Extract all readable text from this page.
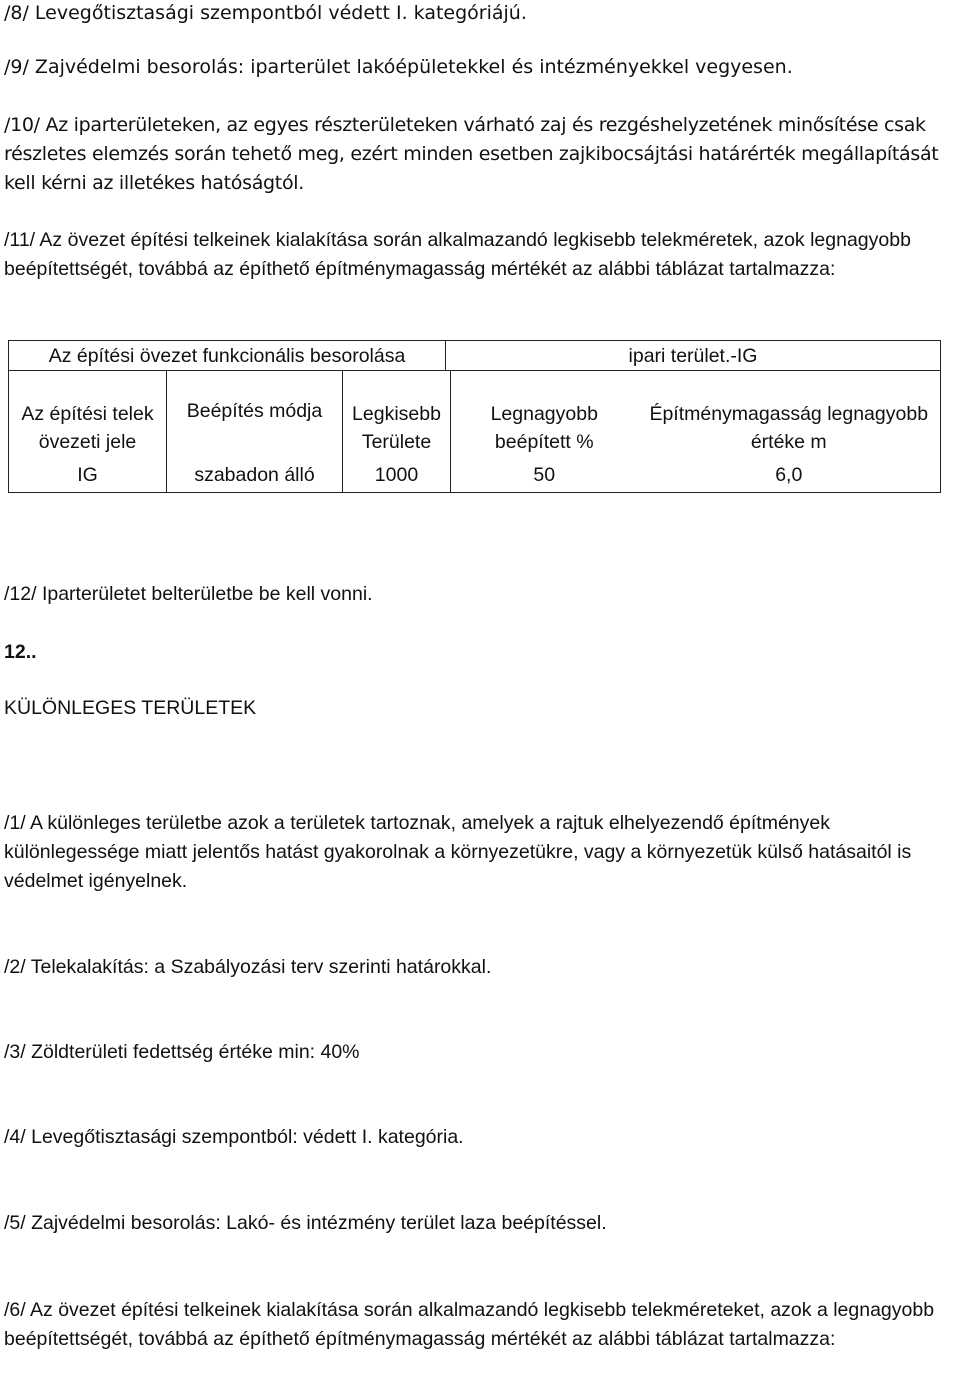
/8/ Levegőtisztasági szempontból védett I. kategóriájú.

/9/ Zajvédelmi besorolás: iparterület lakóépületekkel és intézményekkel vegyesen.

/10/ Az iparterületeken, az egyes részterületeken várható zaj és rezgéshelyzetének minősítése csak részletes elemzés során tehető meg, ezért minden esetben zajkibocsájtási határérték megállapítását kell kérni az illetékes hatóságtól.

/11/ Az övezet építési telkeinek kialakítása során alkalmazandó legkisebb telekméretek, azok legnagyobb beépítettségét, továbbá az építhető építménymagasság mértékét az alábbi táblázat tartalmazza:

Az építési övezet funkcionális besorolása	ipari terület.-IG
Az építési telek övezeti jele	Beépítés módja	Legkisebb Területe	Legnagyobb beépített %	Építménymagasság legnagyobb értéke m
IG	szabadon álló	1000	50	6,0

/12/ Iparterületet belterületbe be kell vonni.

12..

KÜLÖNLEGES TERÜLETEK

/1/ A különleges területbe azok a területek tartoznak, amelyek a rajtuk elhelyezendő építmények különlegessége miatt jelentős hatást gyakorolnak a környezetükre, vagy a környezetük külső hatásaitól is védelmet igényelnek.

/2/ Telekalakítás: a Szabályozási terv szerinti határokkal.

/3/ Zöldterületi fedettség értéke min: 40%

/4/ Levegőtisztasági szempontból: védett I. kategória.

/5/ Zajvédelmi besorolás: Lakó- és intézmény terület laza beépítéssel.

/6/ Az övezet építési telkeinek kialakítása során alkalmazandó legkisebb telekméreteket, azok a legnagyobb beépítettségét, továbbá az építhető építménymagasság mértékét az alábbi táblázat tartalmazza:
